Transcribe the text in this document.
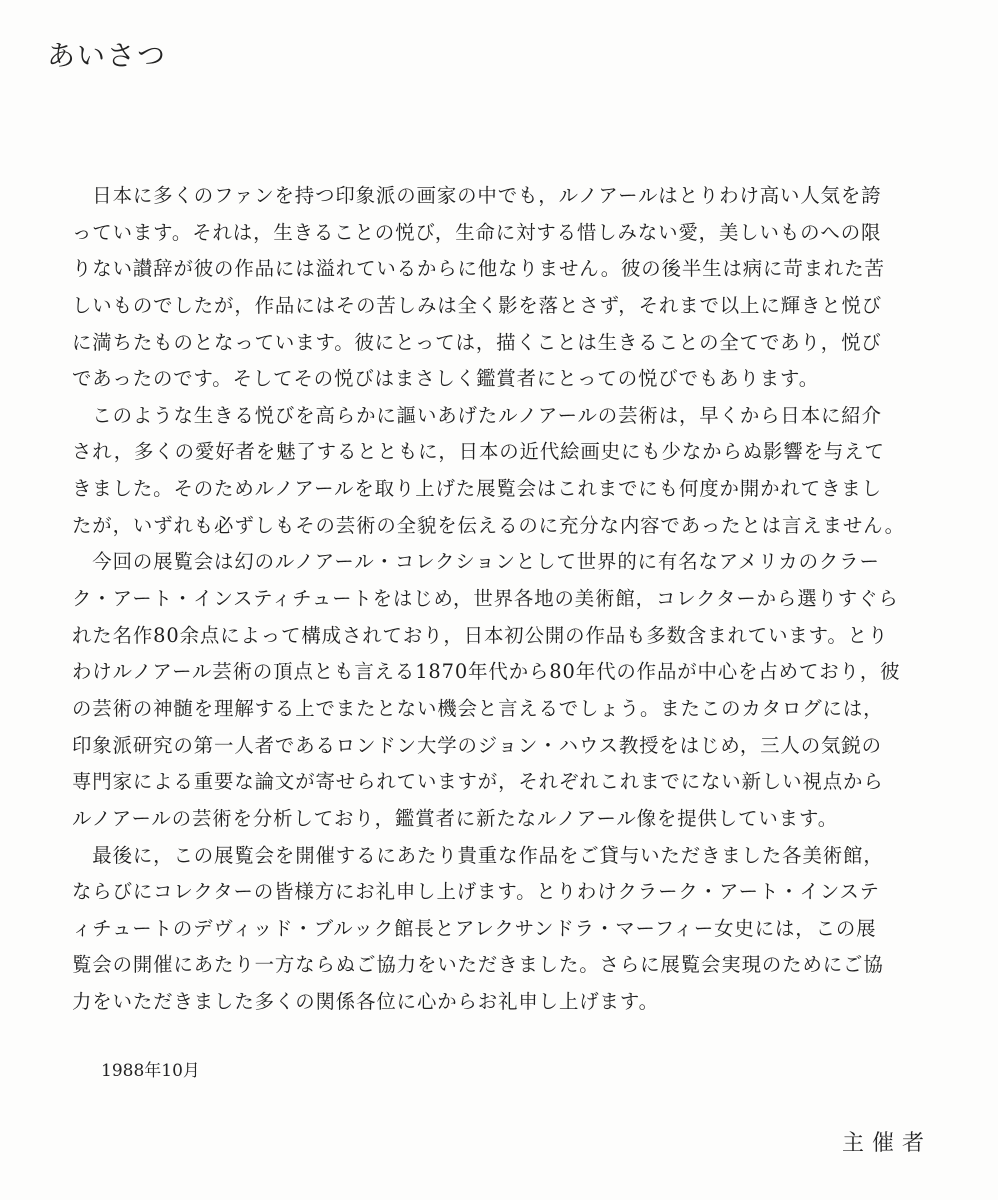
あいさつ
　日本に多くのファンを持つ印象派の画家の中でも，ルノアールはとりわけ高い人気を誇
っています。それは，生きることの悦び，生命に対する惜しみない愛，美しいものへの限
りない讃辞が彼の作品には溢れているからに他なりません。彼の後半生は病に苛まれた苦
しいものでしたが，作品にはその苦しみは全く影を落とさず，それまで以上に輝きと悦び
に満ちたものとなっています。彼にとっては，描くことは生きることの全てであり，悦び
であったのです。そしてその悦びはまさしく鑑賞者にとっての悦びでもあります。
　このような生きる悦びを高らかに謳いあげたルノアールの芸術は，早くから日本に紹介
され，多くの愛好者を魅了するとともに，日本の近代絵画史にも少なからぬ影響を与えて
きました。そのためルノアールを取り上げた展覧会はこれまでにも何度か開かれてきまし
たが，いずれも必ずしもその芸術の全貌を伝えるのに充分な内容であったとは言えません。
　今回の展覧会は幻のルノアール・コレクションとして世界的に有名なアメリカのクラー
ク・アート・インスティチュートをはじめ，世界各地の美術館，コレクターから選りすぐら
れた名作80余点によって構成されており，日本初公開の作品も多数含まれています。とり
わけルノアール芸術の頂点とも言える1870年代から80年代の作品が中心を占めており，彼
の芸術の神髄を理解する上でまたとない機会と言えるでしょう。またこのカタログには，
印象派研究の第一人者であるロンドン大学のジョン・ハウス教授をはじめ，三人の気鋭の
専門家による重要な論文が寄せられていますが，それぞれこれまでにない新しい視点から
ルノアールの芸術を分析しており，鑑賞者に新たなルノアール像を提供しています。
　最後に，この展覧会を開催するにあたり貴重な作品をご貸与いただきました各美術館，
ならびにコレクターの皆様方にお礼申し上げます。とりわけクラーク・アート・インステ
ィチュートのデヴィッド・ブルック館長とアレクサンドラ・マーフィー女史には，この展
覧会の開催にあたり一方ならぬご協力をいただきました。さらに展覧会実現のためにご協
力をいただきました多くの関係各位に心からお礼申し上げます。
1988年10月
主催者
